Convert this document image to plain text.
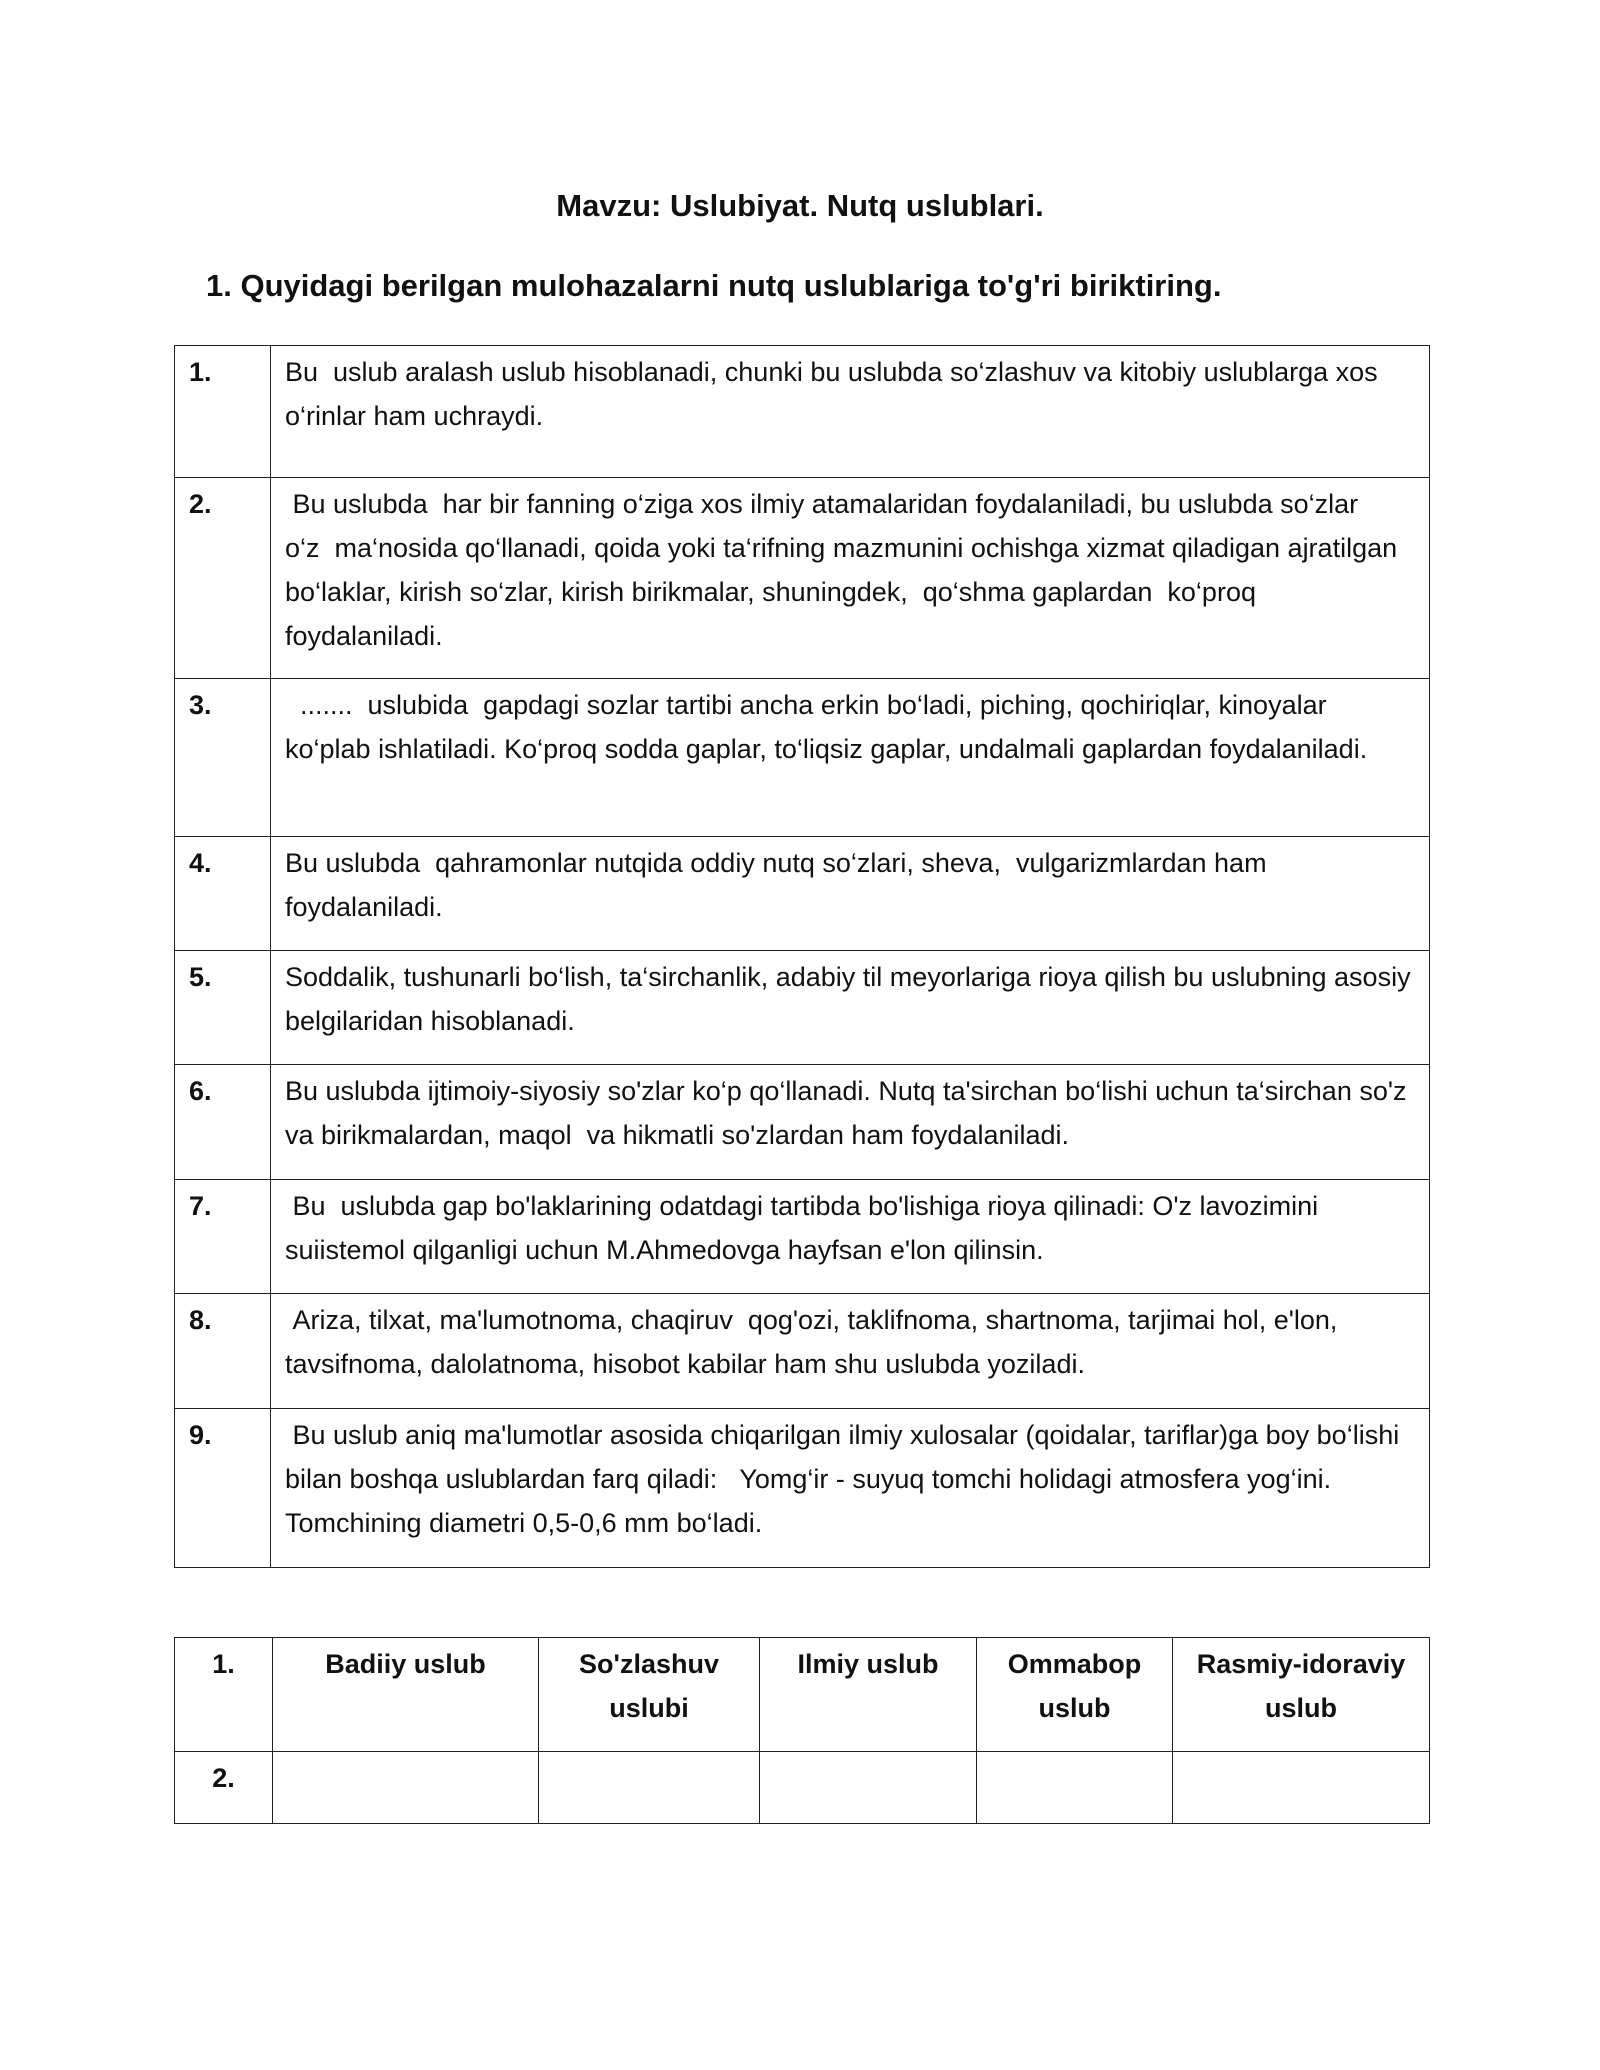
Mavzu: Uslubiyat. Nutq uslublari.

1. Quyidagi berilgan mulohazalarni nutq uslublariga to'g'ri biriktiring.

1.	Bu  uslub aralash uslub hisoblanadi, chunki bu uslubda so‘zlashuv va kitobiy uslublarga xos o‘rinlar ham uchraydi.
2.	Bu uslubda  har bir fanning o‘ziga xos ilmiy atamalaridan foydalaniladi, bu uslubda so‘zlar   o‘z  ma‘nosida qo‘llanadi, qoida yoki ta‘rifning mazmunini ochishga xizmat qiladigan ajratilgan bo‘laklar, kirish so‘zlar, kirish birikmalar, shuningdek,  qo‘shma gaplardan  ko‘proq foydalaniladi.
3.	.......  uslubida  gapdagi sozlar tartibi ancha erkin bo‘ladi, piching, qochiriqlar, kinoyalar ko‘plab ishlatiladi. Ko‘proq sodda gaplar, to‘liqsiz gaplar, undalmali gaplardan foydalaniladi.
4.	Bu uslubda  qahramonlar nutqida oddiy nutq so‘zlari, sheva,  vulgarizmlardan ham foydalaniladi.
5.	Soddalik, tushunarli bo‘lish, ta‘sirchanlik, adabiy til meyorlariga rioya qilish bu uslubning asosiy belgilaridan hisoblanadi.
6.	Bu uslubda ijtimoiy-siyosiy so'zlar ko‘p qo‘llanadi. Nutq ta'sirchan bo‘lishi uchun ta‘sirchan so'z va birikmalardan, maqol  va hikmatli so'zlardan ham foydalaniladi.
7.	Bu  uslubda gap bo'laklarining odatdagi tartibda bo'lishiga rioya qilinadi: O'z lavozimini suiistemol qilganligi uchun M.Ahmedovga hayfsan e'lon qilinsin.
8.	Ariza, tilxat, ma'lumotnoma, chaqiruv  qog'ozi, taklifnoma, shartnoma, tarjimai hol, e'lon, tavsifnoma, dalolatnoma, hisobot kabilar ham shu uslubda yoziladi.
9.	Bu uslub aniq ma'lumotlar asosida chiqarilgan ilmiy xulosalar (qoidalar, tariflar)ga boy bo‘lishi bilan boshqa uslublardan farq qiladi:   Yomg‘ir - suyuq tomchi holidagi atmosfera yog‘ini. Tomchining diametri 0,5-0,6 mm bo‘ladi.
1.	Badiiy uslub	So'zlashuv uslubi	Ilmiy uslub	Ommabop uslub	Rasmiy-idoraviy uslub
2.					
